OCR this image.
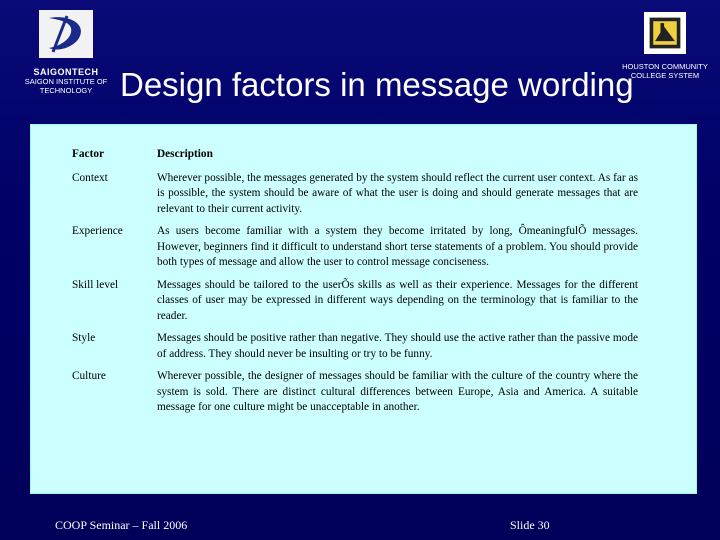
SAIGONTECH
SAIGON INSTITUTE OF
TECHNOLOGY Design factors in message wording
HOUSTON COMMUNITY
COLLEGE SYSTEM
Factor	Description
Context	Wherever possible, the messages generated by the system should reflect the current user context. As far as is possible, the system should be aware of what the user is doing and should generate messages that are relevant to their current activity.
Experience	As users become familiar with a system they become irritated by long, ÔmeaningfulÕ messages. However, beginners find it difficult to understand short terse statements of a problem. You should provide both types of message and allow the user to control message conciseness.
Skill level	Messages should be tailored to the userÕs skills as well as their experience. Messages for the different classes of user may be expressed in different ways depending on the terminology that is familiar to the reader.
Style	Messages should be positive rather than negative. They should use the active rather than the passive mode of address. They should never be insulting or try to be funny.
Culture	Wherever possible, the designer of messages should be familiar with the culture of the country where the system is sold. There are distinct cultural differences between Europe, Asia and America. A suitable message for one culture might be unacceptable in another.
COOP Seminar – Fall 2006	Slide 30
